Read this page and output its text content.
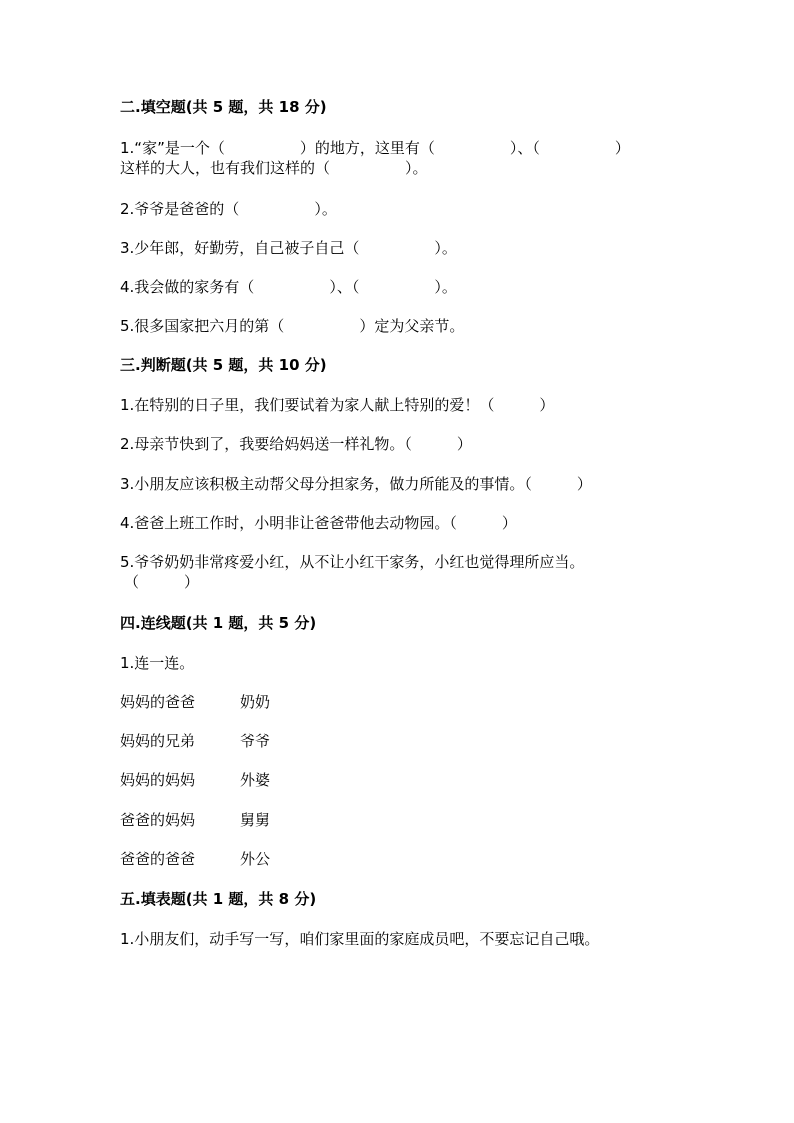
二.填空题(共 5 题，共 18 分)
1.“家”是一个（　　　　　）的地方，这里有（　　　　　）、（　　　　　）
这样的大人，也有我们这样的（　　　　　）。
2.爷爷是爸爸的（　　　　　）。
3.少年郎，好勤劳，自己被子自己（　　　　　）。
4.我会做的家务有（　　　　　）、（　　　　　）。
5.很多国家把六月的第（　　　　　）定为父亲节。
三.判断题(共 5 题，共 10 分)
1.在特别的日子里，我们要试着为家人献上特别的爱！（　　　）
2.母亲节快到了，我要给妈妈送一样礼物。（　　　）
3.小朋友应该积极主动帮父母分担家务，做力所能及的事情。（　　　）
4.爸爸上班工作时，小明非让爸爸带他去动物园。（　　　）
5.爷爷奶奶非常疼爱小红，从不让小红干家务，小红也觉得理所应当。
（　　　）
四.连线题(共 1 题，共 5 分)
1.连一连。
妈妈的爸爸	奶奶
妈妈的兄弟	爷爷
妈妈的妈妈	外婆
爸爸的妈妈	舅舅
爸爸的爸爸	外公
五.填表题(共 1 题，共 8 分)
1.小朋友们，动手写一写，咱们家里面的家庭成员吧，不要忘记自己哦。
